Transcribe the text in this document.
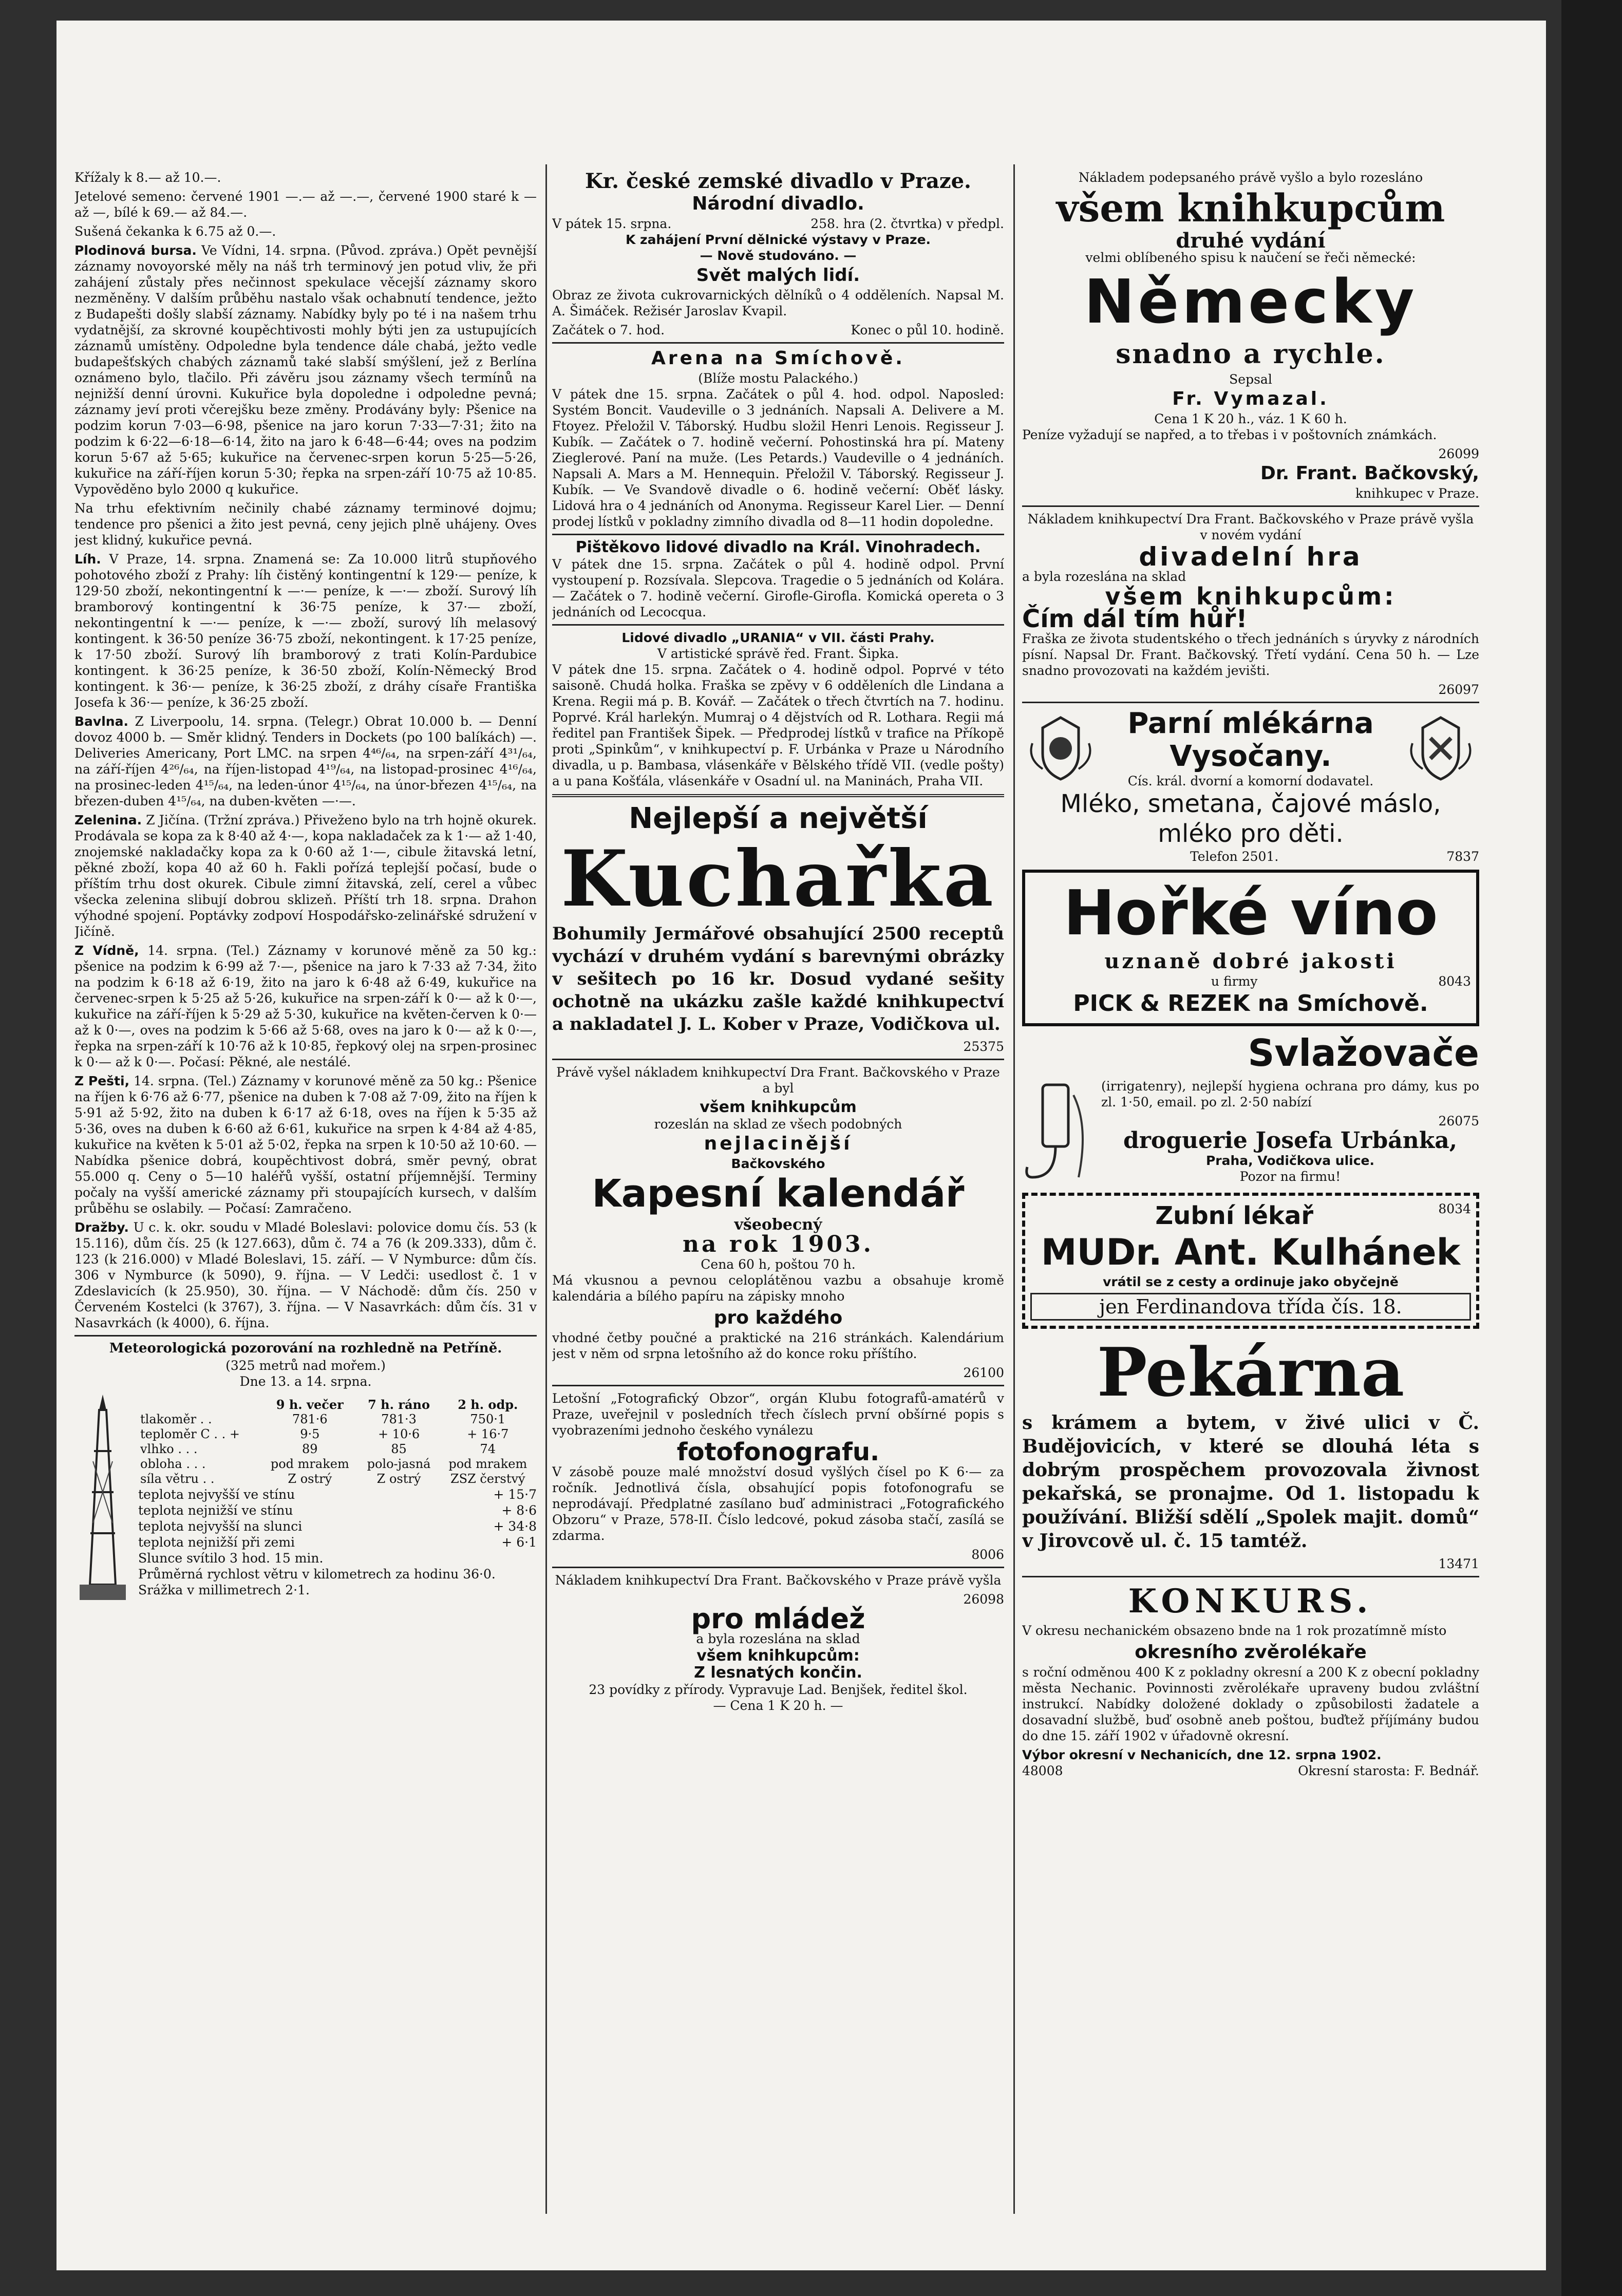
Křížaly k 8.— až 10.—.

Jetelové semeno: červené 1901 —.— až —.—, červené 1900 staré k — až —, bílé k 69.— až 84.—.

Sušená čekanka k 6.75 až 0.—.

Plodinová bursa. Ve Vídni, 14. srpna. (Původ. zpráva.) Opět pevnější záznamy novoyorské měly na náš trh terminový jen potud vliv, že při zahájení zůstaly přes nečinnost spekulace věcejší záznamy skoro nezměněny. V dalším průběhu nastalo však ochabnutí tendence, ježto z Budapešti došly slabší záznamy. Nabídky byly po té i na našem trhu vydatnější, za skrovné koupěchtivosti mohly býti jen za ustupujících záznamů umístěny. Odpoledne byla tendence dále chabá, ježto vedle budapešťských chabých záznamů také slabší smýšlení, jež z Berlína oznámeno bylo, tlačilo. Při závěru jsou záznamy všech termínů na nejnižší denní úrovni. Kukuřice byla dopoledne i odpoledne pevná; záznamy jeví proti včerejšku beze změny. Prodávány byly: Pšenice na podzim korun 7·03—6·98, pšenice na jaro korun 7·33—7·31; žito na podzim k 6·22—6·18—6·14, žito na jaro k 6·48—6·44; oves na podzim korun 5·67 až 5·65; kukuřice na červenec-srpen korun 5·25—5·26, kukuřice na září-říjen korun 5·30; řepka na srpen-září 10·75 až 10·85. Vypověděno bylo 2000 q kukuřice.

Na trhu efektivním nečinily chabé záznamy terminové dojmu; tendence pro pšenici a žito jest pevná, ceny jejich plně uhájeny. Oves jest klidný, kukuřice pevná.

Líh. V Praze, 14. srpna. Znamená se: Za 10.000 litrů stupňového pohotového zboží z Prahy: líh čistěný kontingentní k 129·— peníze, k 129·50 zboží, nekontingentní k —·— peníze, k —·— zboží. Surový líh bramborový kontingentní k 36·75 peníze, k 37·— zboží, nekontingentní k —·— peníze, k —·— zboží, surový líh melasový kontingent. k 36·50 peníze 36·75 zboží, nekontingent. k 17·25 peníze, k 17·50 zboží. Surový líh bramborový z trati Kolín-Pardubice kontingent. k 36·25 peníze, k 36·50 zboží, Kolín-Německý Brod kontingent. k 36·— peníze, k 36·25 zboží, z dráhy císaře Františka Josefa k 36·— peníze, k 36·25 zboží.

Bavlna. Z Liverpoolu, 14. srpna. (Telegr.) Obrat 10.000 b. — Denní dovoz 4000 b. — Směr klidný. Tenders in Dockets (po 100 balíkách) —. Deliveries Americany, Port LMC. na srpen 4⁴⁶/₆₄, na srpen-září 4³¹/₆₄, na září-říjen 4²⁶/₆₄, na říjen-listopad 4¹⁹/₆₄, na listopad-prosinec 4¹⁶/₆₄, na prosinec-leden 4¹⁵/₆₄, na leden-únor 4¹⁵/₆₄, na únor-březen 4¹⁵/₆₄, na březen-duben 4¹⁵/₆₄, na duben-květen —·—.

Zelenina. Z Jičína. (Tržní zpráva.) Přiveženo bylo na trh hojně okurek. Prodávala se kopa za k 8·40 až 4·—, kopa nakladaček za k 1·— až 1·40, znojemské nakladačky kopa za k 0·60 až 1·—, cibule žitavská letní, pěkné zboží, kopa 40 až 60 h. Fakli pořízá teplejší počasí, bude o příštím trhu dost okurek. Cibule zimní žitavská, zelí, cerel a vůbec všecka zelenina slibují dobrou sklizeň. Příští trh 18. srpna. Drahon výhodné spojení. Poptávky zodpoví Hospodářsko-zelinářské sdružení v Jičíně.

Z Vídně, 14. srpna. (Tel.) Záznamy v korunové měně za 50 kg.: pšenice na podzim k 6·99 až 7·—, pšenice na jaro k 7·33 až 7·34, žito na podzim k 6·18 až 6·19, žito na jaro k 6·48 až 6·49, kukuřice na červenec-srpen k 5·25 až 5·26, kukuřice na srpen-září k 0·— až k 0·—, kukuřice na září-říjen k 5·29 až 5·30, kukuřice na květen-červen k 0·— až k 0·—, oves na podzim k 5·66 až 5·68, oves na jaro k 0·— až k 0·—, řepka na srpen-září k 10·76 až k 10·85, řepkový olej na srpen-prosinec k 0·— až k 0·—. Počasí: Pěkné, ale nestálé.

Z Pešti, 14. srpna. (Tel.) Záznamy v korunové měně za 50 kg.: Pšenice na říjen k 6·76 až 6·77, pšenice na duben k 7·08 až 7·09, žito na říjen k 5·91 až 5·92, žito na duben k 6·17 až 6·18, oves na říjen k 5·35 až 5·36, oves na duben k 6·60 až 6·61, kukuřice na srpen k 4·84 až 4·85, kukuřice na květen k 5·01 až 5·02, řepka na srpen k 10·50 až 10·60. — Nabídka pšenice dobrá, koupěchtivost dobrá, směr pevný, obrat 55.000 q. Ceny o 5—10 haléřů vyšší, ostatní příjemnější. Terminy počaly na vyšší americké záznamy při stoupajících kursech, v dalším průběhu se oslabily. — Počasí: Zamračeno.

Dražby. U c. k. okr. soudu v Mladé Boleslavi: polovice domu čís. 53 (k 15.116), dům čís. 25 (k 127.663), dům č. 74 a 76 (k 209.333), dům č. 123 (k 216.000) v Mladé Boleslavi, 15. září. — V Nymburce: dům čís. 306 v Nymburce (k 5090), 9. října. — V Ledči: usedlost č. 1 v Zdeslavicích (k 25.950), 30. října. — V Náchodě: dům čís. 250 v Červeném Kostelci (k 3767), 3. října. — V Nasavrkách: dům čís. 31 v Nasavrkách (k 4000), 6. října.

Meteorologická pozorování na rozhledně na Petříně.
(325 metrů nad mořem.)
Dne 13. a 14. srpna.
	9 h. večer	7 h. ráno	2 h. odp.
tlakoměr . .	781·6	781·3	750·1
teploměr C . . +	9·5	+ 10·6	+ 16·7
vlhko . . .	89	85	74
obloha . . .	pod mrakem	polo-jasná	pod mrakem
síla větru . .	Z ostrý	Z ostrý	ZSZ čerstvý
teplota nejvyšší ve stínu	+ 15·7
teplota nejnižší ve stínu	+ 8·6
teplota nejvyšší na slunci	+ 34·8
teplota nejnižší při zemi	+ 6·1
Slunce svítilo 3 hod. 15 min.
Průměrná rychlost větru v kilometrech za hodinu 36·0.
Srážka v millimetrech 2·1.
Kr. české zemské divadlo v Praze.
Národní divadlo.
V pátek 15. srpna.	258. hra (2. čtvrtka) v předpl.
K zahájení První dělnické výstavy v Praze.
— Nově studováno. —
Svět malých lidí.

Obraz ze života cukrovarnických dělníků o 4 odděleních. Napsal M. A. Šimáček. Režisér Jaroslav Kvapil.

Začátek o 7. hod.	Konec o půl 10. hodině.
Arena na Smíchově.
(Blíže mostu Palackého.)

V pátek dne 15. srpna. Začátek o půl 4. hod. odpol. Naposled: Systém Boncit. Vaudeville o 3 jednáních. Napsali A. Delivere a M. Ftoyez. Přeložil V. Táborský. Hudbu složil Henri Lenois. Regisseur J. Kubík. — Začátek o 7. hodině večerní. Pohostinská hra pí. Mateny Zieglerové. Paní na muže. (Les Petards.) Vaudeville o 4 jednáních. Napsali A. Mars a M. Hennequin. Přeložil V. Táborský. Regisseur J. Kubík. — Ve Svandově divadle o 6. hodině večerní: Oběť lásky. Lidová hra o 4 jednáních od Anonyma. Regisseur Karel Lier. — Denní prodej lístků v pokladny zimního divadla od 8—11 hodin dopoledne.

Pištěkovo lidové divadlo na Král. Vinohradech.

V pátek dne 15. srpna. Začátek o půl 4. hodině odpol. První vystoupení p. Rozsívala. Slepcova. Tragedie o 5 jednáních od Kolára. — Začátek o 7. hodině večerní. Girofle-Girofla. Komická opereta o 3 jednáních od Lecocqua.

Lidové divadlo „URANIA“ v VII. části Prahy.
V artistické správě řed. Frant. Šipka.

V pátek dne 15. srpna. Začátek o 4. hodině odpol. Poprvé v této saisoně. Chudá holka. Fraška se zpěvy v 6 odděleních dle Lindana a Krena. Regii má p. B. Kovář. — Začátek o třech čtvrtích na 7. hodinu. Poprvé. Král harlekýn. Mumraj o 4 dějstvích od R. Lothara. Regii má ředitel pan František Šipek. — Předprodej lístků v trafice na Příkopě proti „Spinkům“, v knihkupectví p. F. Urbánka v Praze u Národního divadla, u p. Bambasa, vlásenkáře v Bělského třídě VII. (vedle pošty) a u pana Košťála, vlásenkáře v Osadní ul. na Maninách, Praha VII.

Nejlepší a největší
Kuchařka

Bohumily Jermářové obsahující 2500 receptů vychází v druhém vydání s barevnými obrázky v sešitech po 16 kr. Dosud vydané sešity ochotně na ukázku zašle každé knihkupectví a nakladatel J. L. Kober v Praze, Vodičkova ul.

25375

Právě vyšel nákladem knihkupectví Dra Frant. Bačkovského v Praze a byl

všem knihkupcům
rozeslán na sklad ze všech podobných
nejlacinější
Bačkovského
Kapesní kalendář
všeobecný
na rok 1903.
Cena 60 h, poštou 70 h.

Má vkusnou a pevnou celoplátěnou vazbu a obsahuje kromě kalendária a bílého papíru na zápisky mnoho

pro každého

vhodné četby poučné a praktické na 216 stránkách. Kalendárium jest v něm od srpna letošního až do konce roku příštího.

26100

Letošní „Fotografický Obzor“, orgán Klubu fotografů-amatérů v Praze, uveřejnil v posledních třech číslech první obšírné popis s vyobrazeními jednoho českého vynálezu

fotofonografu.

V zásobě pouze malé množství dosud vyšlých čísel po K 6·— za ročník. Jednotlivá čísla, obsahující popis fotofonografu se neprodávají. Předplatné zasílano buď administraci „Fotografického Obzoru“ v Praze, 578-II. Číslo ledcové, pokud zásoba stačí, zasílá se zdarma.

8006

Nákladem knihkupectví Dra Frant. Bačkovského v Praze právě vyšla

26098
pro mládež
a byla rozeslána na sklad
všem knihkupcům:
Z lesnatých končin.
23 povídky z přírody. Vypravuje Lad. Benjšek, ředitel škol.
— Cena 1 K 20 h. —
Nákladem podepsaného právě vyšlo a bylo rozesláno
všem knihkupcům
druhé vydání
velmi oblíbeného spisu k naučení se řeči německé:
Německy
snadno a rychle.
Sepsal
Fr. Vymazal.
Cena 1 K 20 h., váz. 1 K 60 h.

Peníze vyžadují se napřed, a to třebas i v poštovních známkách.

26099
Dr. Frant. Bačkovský,
knihkupec v Praze.

Nákladem knihkupectví Dra Frant. Bačkovského v Praze právě vyšla v novém vydání

divadelní hra
a byla rozeslána na sklad
všem knihkupcům:
Čím dál tím hůř!

Fraška ze života studentského o třech jednáních s úryvky z národních písní. Napsal Dr. Frant. Bačkovský. Třetí vydání. Cena 50 h. — Lze snadno provozovati na každém jevišti.

26097
Parní mlékárna
Vysočany.
Cís. král. dvorní a komorní dodavatel.
Mléko, smetana, čajové máslo,
mléko pro děti.
Telefon 2501.	7837
Hořké víno
uznaně dobré jakosti
u firmy	8043
PICK & REZEK na Smíchově.
Svlažovače

(irrigatenry), nejlepší hygiena ochrana pro dámy, kus po zl. 1·50, email. po zl. 2·50 nabízí

26075
droguerie Josefa Urbánka,
Praha, Vodičkova ulice.
Pozor na firmu!
Zubní lékař	8034
MUDr. Ant. Kulhánek
vrátil se z cesty a ordinuje jako obyčejně
jen Ferdinandova třída čís. 18.
Pekárna

s krámem a bytem, v živé ulici v Č. Budějovicích, v které se dlouhá léta s dobrým prospěchem provozovala živnost pekařská, se pronajme. Od 1. listopadu k používání. Bližší sdělí „Spolek majit. domů“ v Jirovcově ul. č. 15 tamtéž.

13471
KONKURS.

V okresu nechanickém obsazeno bnde na 1 rok prozatímně místo

okresního zvěrolékaře

s roční odměnou 400 K z pokladny okresní a 200 K z obecní pokladny města Nechanic. Povinnosti zvěrolékaře upraveny budou zvláštní instrukcí. Nabídky doložené doklady o způsobilosti žadatele a dosavadní službě, buď osobně aneb poštou, buďtež příjímány budou do dne 15. září 1902 v úřadovně okresní.

Výbor okresní v Nechanicích, dne 12. srpna 1902.
48008	Okresní starosta: F. Bednář.
